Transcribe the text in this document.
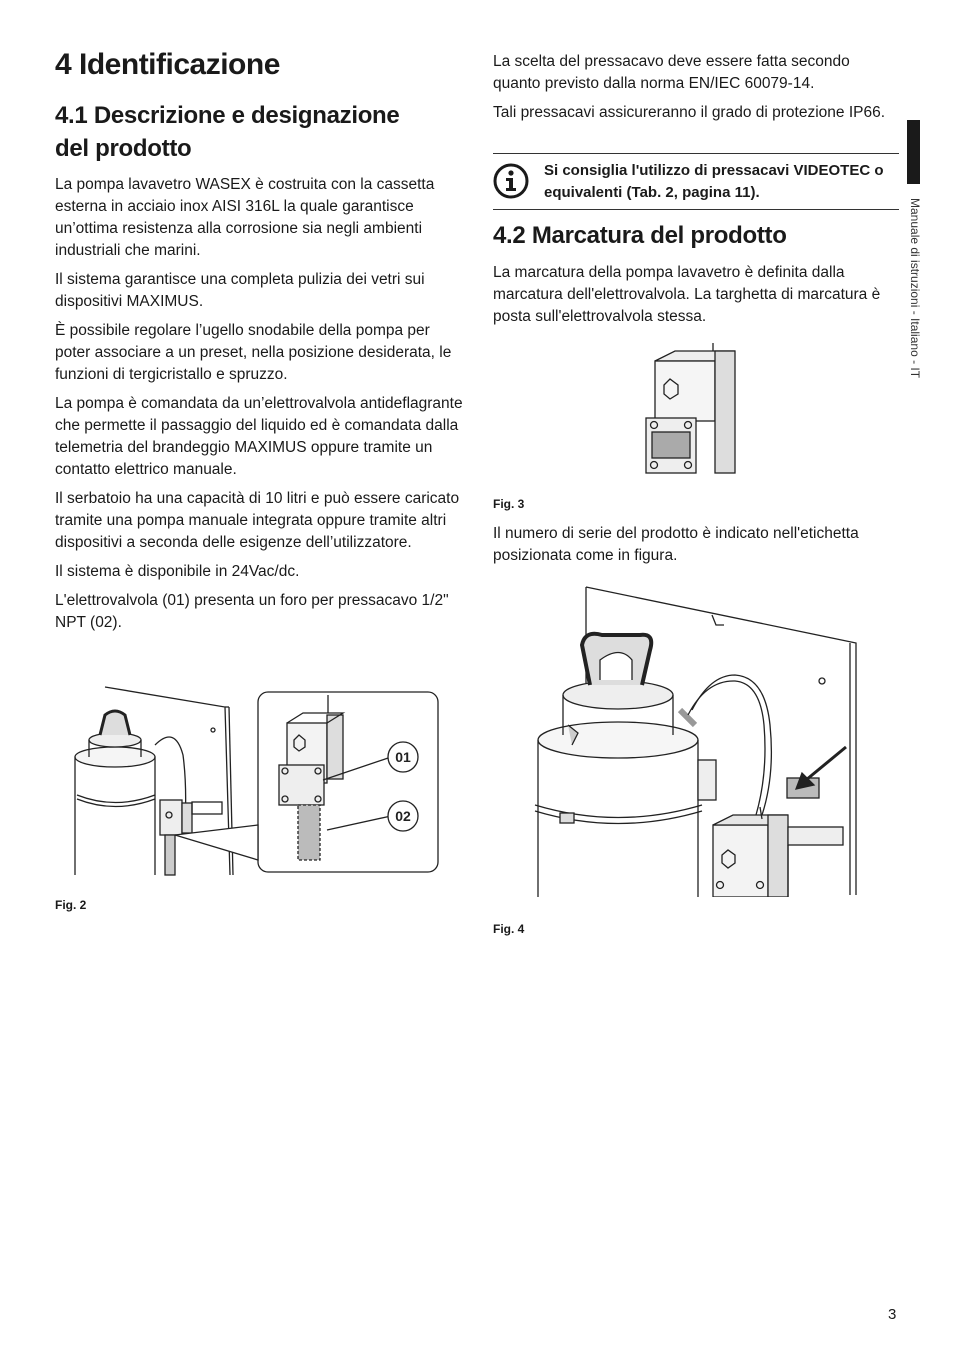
4 Identificazione
4.1 Descrizione e designazione
del prodotto

La pompa lavavetro WASEX è costruita con la cassetta esterna in acciaio inox AISI 316L la quale garantisce un’ottima resistenza alla corrosione sia negli ambienti industriali che marini.

Il sistema garantisce una completa pulizia dei vetri sui dispositivi MAXIMUS.

È possibile regolare l’ugello snodabile della pompa per poter associare a un preset, nella posizione desiderata, le funzioni di tergicristallo e spruzzo.

La pompa è comandata da un’elettrovalvola antideflagrante che permette il passaggio del liquido ed è comandata dalla telemetria del brandeggio MAXIMUS oppure tramite un contatto elettrico manuale.

Il serbatoio ha una capacità di 10 litri e può essere caricato tramite una pompa manuale integrata oppure tramite altri dispositivi a seconda delle esigenze dell’utilizzatore.

Il sistema è disponibile in 24Vac/dc.

L'elettrovalvola (01) presenta un foro per pressacavo 1/2" NPT (02).

01
02
Fig. 2

La scelta del pressacavo deve essere fatta secondo quanto previsto dalla norma EN/IEC 60079-14.

Tali pressacavi assicureranno il grado di protezione IP66.

Si consiglia l'utilizzo di pressacavi VIDEOTEC o equivalenti (Tab. 2, pagina 11).
4.2 Marcatura del prodotto

La marcatura della pompa lavavetro è definita dalla marcatura dell'elettrovalvola. La targhetta di marcatura è posta sull'elettrovalvola stessa.

Fig. 3

Il numero di serie del prodotto è indicato nell'etichetta posizionata come in figura.

Fig. 4
Manuale di istruzioni - Italiano - IT
3
